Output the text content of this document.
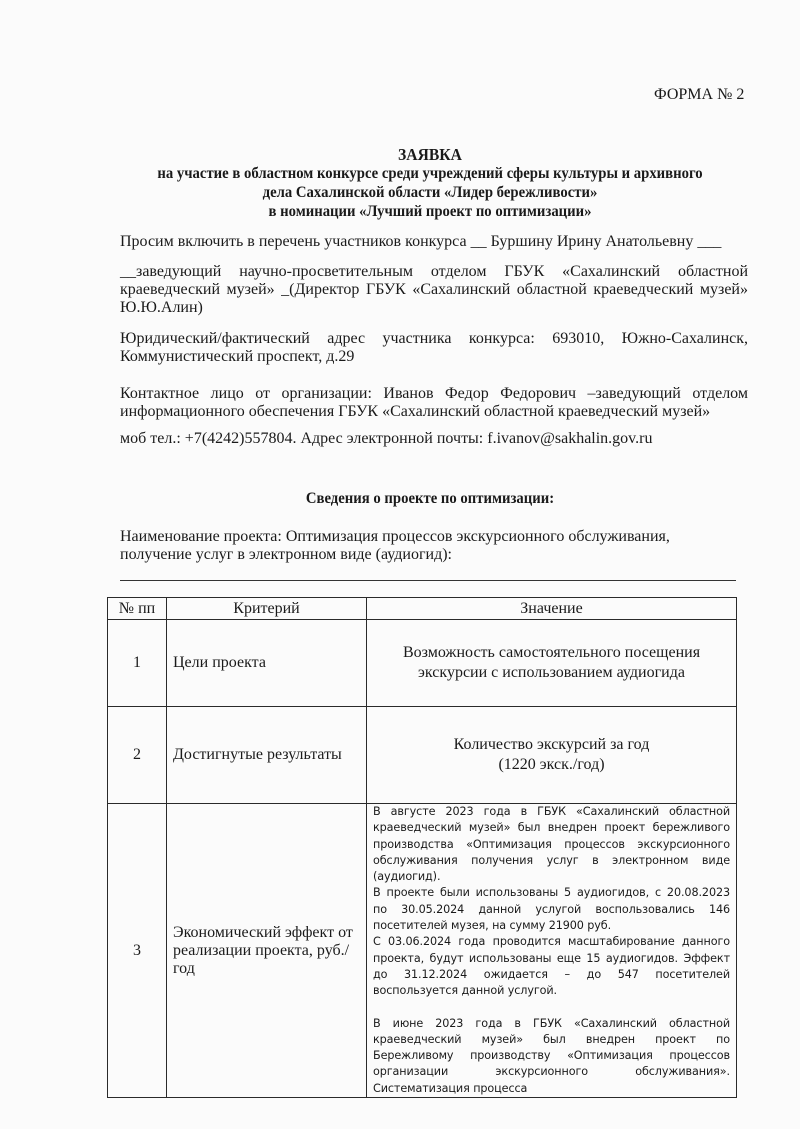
ФОРМА № 2
ЗАЯВКА
на участие в областном конкурсе среди учреждений сферы культуры и архивного
дела Сахалинской области «Лидер бережливости»
в номинации «Лучший проект по оптимизации»
Просим включить в перечень участников конкурса __ Буршину Ирину Анатольевну ___
__заведующий научно-просветительным отделом ГБУК «Сахалинский областной краеведческий музей» _(Директор ГБУК «Сахалинский областной краеведческий музей» Ю.Ю.Алин)
Юридический/фактический адрес участника конкурса: 693010, Южно-Сахалинск, Коммунистический проспект, д.29
Контактное лицо от организации: Иванов Федор Федорович –заведующий отделом информационного обеспечения ГБУК «Сахалинский областной краеведческий музей»
моб тел.: +7(4242)557804. Адрес электронной почты: f.ivanov@sakhalin.gov.ru
Сведения о проекте по оптимизации:
Наименование проекта: Оптимизация процессов экскурсионного обслуживания, получение услуг в электронном виде (аудиогид):
№ пп	Критерий	Значение
1	Цели проекта	Возможность самостоятельного посещения
экскурсии с использованием аудиогида

2	Достигнутые результаты	Количество экскурсий за год
(1220 экск./год)

3	Экономический эффект от реализации проекта, руб./год	В августе 2023 года в ГБУК «Сахалинский областной краеведческий музей» был внедрен проект бережливого производства «Оптимизация процессов экскурсионного обслуживания получения услуг в электронном виде (аудиогид).

В проекте были использованы 5 аудиогидов, с 20.08.2023 по 30.05.2024 данной услугой воспользовались 146 посетителей музея, на сумму 21900 руб.

С 03.06.2024 года проводится масштабирование данного проекта, будут использованы еще 15 аудиогидов. Эффект до 31.12.2024 ожидается – до 547 посетителей воспользуется данной услугой.

В июне 2023 года в ГБУК «Сахалинский областной краеведческий музей» был внедрен проект по Бережливому производству «Оптимизация процессов организации экскурсионного обслуживания». Систематизация процесса
